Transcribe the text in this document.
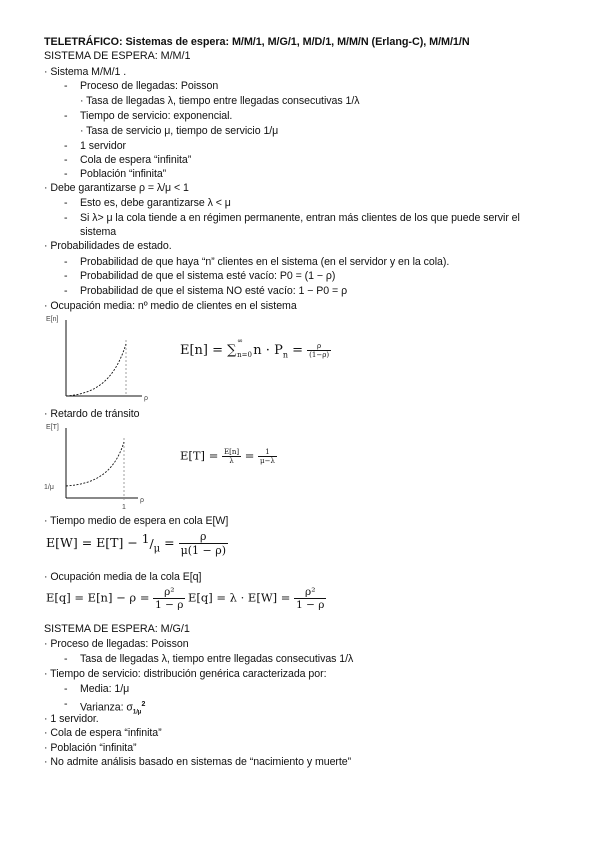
TELETRÁFICO: Sistemas de espera: M/M/1, M/G/1, M/D/1, M/M/N (Erlang-C), M/M/1/N
SISTEMA DE ESPERA: M/M/1
· Sistema M/M/1 .
- Proceso de llegadas: Poisson
· Tasa de llegadas λ, tiempo entre llegadas consecutivas 1/λ
- Tiempo de servicio: exponencial.
· Tasa de servicio μ, tiempo de servicio 1/μ
- 1 servidor
- Cola de espera “infinita”
- Población “infinita”
· Debe garantizarse ρ = λ/μ < 1
- Esto es, debe garantizarse λ < μ
- Si λ> μ la cola tiende a en régimen permanente, entran más clientes de los que puede servir el
sistema
· Probabilidades de estado.
- Probabilidad de que haya “n” clientes en el sistema (en el servidor y en la cola).
- Probabilidad de que el sistema esté vacío: P0 = (1 − ρ)
- Probabilidad de que el sistema NO esté vacío: 1 − P0 = ρ
· Ocupación media: nº medio de clientes en el sistema
E[n]
ρ
E[n] = ∑
∞
n=0
$n \cdot P_n = \frac{\rho}{(1-\rho)}$
· Retardo de tránsito
E[T]
1/μ
1
ρ
$E[T] = \frac{E[n]}{\lambda} = \frac{1}{\mu-\lambda}$
· Tiempo medio de espera en cola E[W]
$E[W] = E[T] - ^1/_\mu = \frac{\rho}{\mu(1 - \rho)}$
· Ocupación media de la cola E[q]
$E[q] = E[n] - \rho = \frac{\text{ρ²}}{1 - \rho} E[q] = \lambda \cdot E[W] = \frac{\text{ρ²}}{1 - \rho}$
SISTEMA DE ESPERA: M/G/1
· Proceso de llegadas: Poisson
- Tasa de llegadas λ, tiempo entre llegadas consecutivas 1/λ
· Tiempo de servicio: distribución genérica caracterizada por:
- Media: 1/μ
- Varianza: $\sigma_{1/\mu}^2$
· 1 servidor.
· Cola de espera “infinita”
· Población “infinita”
· No admite análisis basado en sistemas de “nacimiento y muerte”
